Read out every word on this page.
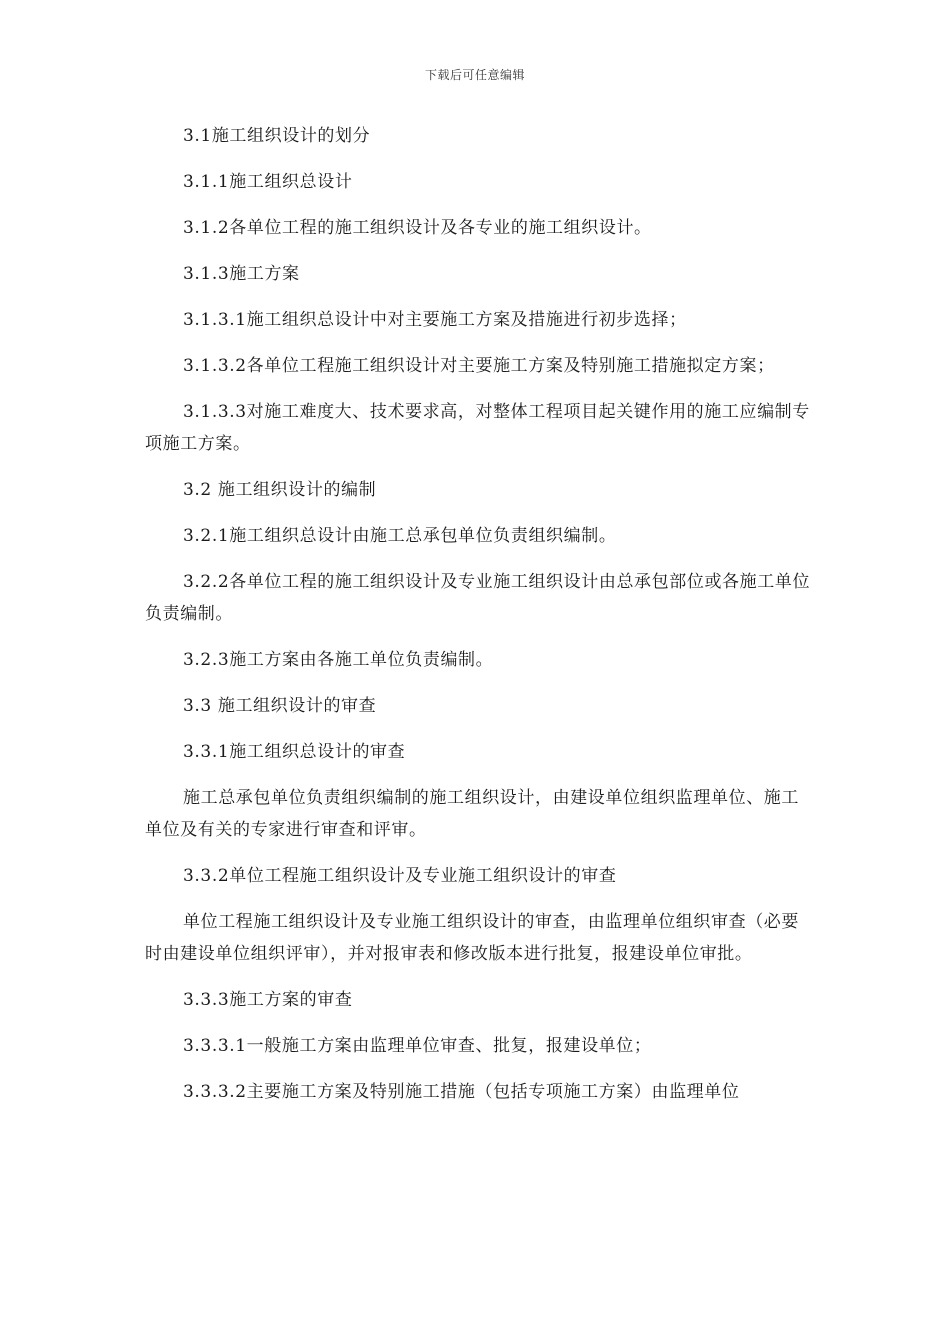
下载后可任意编辑

3.1施工组织设计的划分

3.1.1施工组织总设计

3.1.2各单位工程的施工组织设计及各专业的施工组织设计。

3.1.3施工方案

3.1.3.1施工组织总设计中对主要施工方案及措施进行初步选择；

3.1.3.2各单位工程施工组织设计对主要施工方案及特别施工措施拟定方案；

3.1.3.3对施工难度大、技术要求高，对整体工程项目起关键作用的施工应编制专项施工方案。

3.2 施工组织设计的编制

3.2.1施工组织总设计由施工总承包单位负责组织编制。

3.2.2各单位工程的施工组织设计及专业施工组织设计由总承包部位或各施工单位负责编制。

3.2.3施工方案由各施工单位负责编制。

3.3 施工组织设计的审查

3.3.1施工组织总设计的审查

施工总承包单位负责组织编制的施工组织设计，由建设单位组织监理单位、施工单位及有关的专家进行审查和评审。

3.3.2单位工程施工组织设计及专业施工组织设计的审查

单位工程施工组织设计及专业施工组织设计的审查，由监理单位组织审查（必要时由建设单位组织评审），并对报审表和修改版本进行批复，报建设单位审批。

3.3.3施工方案的审查

3.3.3.1一般施工方案由监理单位审查、批复，报建设单位；

3.3.3.2主要施工方案及特别施工措施（包括专项施工方案）由监理单位
